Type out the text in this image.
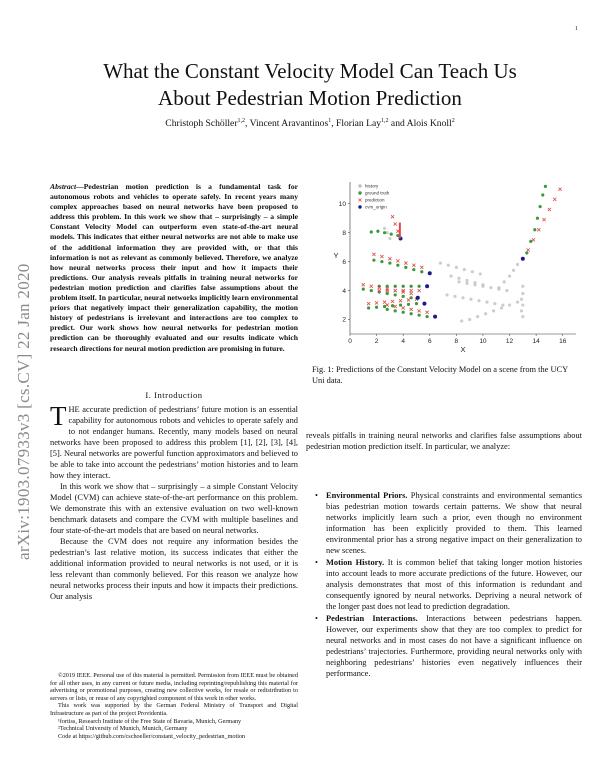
1
arXiv:1903.07933v3 [cs.CV] 22 Jan 2020
What the Constant Velocity Model Can Teach Us
About Pedestrian Motion Prediction
Christoph Schöller$^{1,2}$, Vincent Aravantinos$^1$, Florian Lay$^{1,2}$ and Alois Knoll$^2$
Abstract—Pedestrian motion prediction is a fundamental task for autonomous robots and vehicles to operate safely. In recent years many complex approaches based on neural networks have been proposed to address this problem. In this work we show that – surprisingly – a simple Constant Velocity Model can outperform even state-of-the-art neural models. This indicates that either neural networks are not able to make use of the additional information they are provided with, or that this information is not as relevant as commonly believed. Therefore, we analyze how neural networks process their input and how it impacts their predictions. Our analysis reveals pitfalls in training neural networks for pedestrian motion prediction and clarifies false assumptions about the problem itself. In particular, neural networks implicitly learn environmental priors that negatively impact their generalization capability, the motion history of pedestrians is irrelevant and interactions are too complex to predict. Our work shows how neural networks for pedestrian motion prediction can be thoroughly evaluated and our results indicate which research directions for neural motion prediction are promising in future.
I. Introduction

THE accurate prediction of pedestrians’ future motion is an essential capability for autonomous robots and vehicles to operate safely and to not endanger humans. Recently, many models based on neural networks have been proposed to address this problem [1], [2], [3], [4], [5]. Neural networks are powerful function approximators and believed to be able to take into account the pedestrians’ motion histories and to learn how they interact.

In this work we show that – surprisingly – a simple Constant Velocity Model (CVM) can achieve state-of-the-art performance on this problem. We demonstrate this with an extensive evaluation on two well-known benchmark datasets and compare the CVM with multiple baselines and four state-of-the-art models that are based on neural networks.

Because the CVM does not require any information besides the pedestrian’s last relative motion, its success indicates that either the additional information provided to neural networks is not used, or it is less relevant than commonly believed. For this reason we analyze how neural networks process their inputs and how it impacts their predictions. Our analysis

©2019 IEEE. Personal use of this material is permitted. Permission from IEEE must be obtained for all other uses, in any current or future media, including reprinting/republishing this material for advertising or promotional purposes, creating new collective works, for resale or redistribution to servers or lists, or reuse of any copyrighted component of this work in other works.
This work was supported by the German Federal Ministry of Transport and Digital Infrastructure as part of the project Providentia.
¹fortiss, Research Institute of the Free State of Bavaria, Munich, Germany
²Technical University of Munich, Munich, Germany
Code at https://github.com/cschoeller/constant_velocity_pedestrian_motion
0	2	4	6	8	10	12	14	16
2
4
6
8
10
X
Y
history
ground truth
prediction
cvm_origin
Fig. 1: Predictions of the Constant Velocity Model on a scene from the UCY Uni data.
reveals pitfalls in training neural networks and clarifies false assumptions about pedestrian motion prediction itself. In particular, we analyze:
• Environmental Priors. Physical constraints and environmental semantics bias pedestrian motion towards certain patterns. We show that neural networks implicitly learn such a prior, even though no environment information has been explicitly provided to them. This learned environmental prior has a strong negative impact on their generalization to new scenes.
• Motion History. It is common belief that taking longer motion histories into account leads to more accurate predictions of the future. However, our analysis demonstrates that most of this information is redundant and consequently ignored by neural networks. Depriving a neural network of the longer past does not lead to prediction degradation.
• Pedestrian Interactions. Interactions between pedestrians happen. However, our experiments show that they are too complex to predict for neural networks and in most cases do not have a significant influence on pedestrians’ trajectories. Furthermore, providing neural networks only with neighboring pedestrians’ histories even negatively influences their performance.
